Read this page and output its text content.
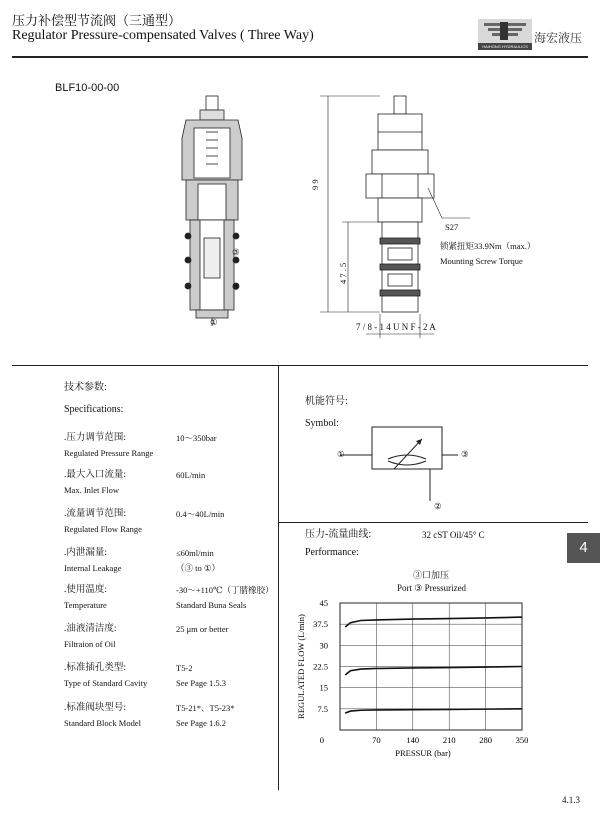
压力补偿型节流阀（三通型）
Regulator Pressure-compensated Valves ( Three Way)
HAIHONG HYDRAULICS
海宏液压
BLF10-00-00
9 9
4 7 . 5
7 / 8 - 1 4 U N F - 2 A
S27
锁紧扭矩33.9Nm（max.）
Mounting Screw Torque
③
②
①
技术参数:
Specifications:
.压力调节范围:
Regulated Pressure Range
10～350bar
.最大入口流量:
Max. Inlet Flow
60L/min
.流量调节范围:
Regulated Flow Range
0.4～40L/min
.内泄漏量:
Internal Leakage
≤60ml/min
（③ to ①）
.使用温度:
Temperature
-30～+110℃（丁腈橡胶）
Standard Buna Seals
.油液清洁度:
Filtraion of Oil
25 μm or better
.标准插孔类型:
Type of Standard Cavity
T5-2
See Page 1.5.3
.标准阀块型号:
Standard Block Model
T5-21*、T5-23*
See Page 1.6.2
机能符号:
Symbol:
①	③
②
压力-流量曲线:
Performance:
32 cST Oil/45° C
③口加压
Port ③ Pressurized
70	140	210	280	350
7.5
15
22.5
30
37.5
45
0
PRESSUR (bar)
REGULATED FLOW (L/min)
4
4.1.3
